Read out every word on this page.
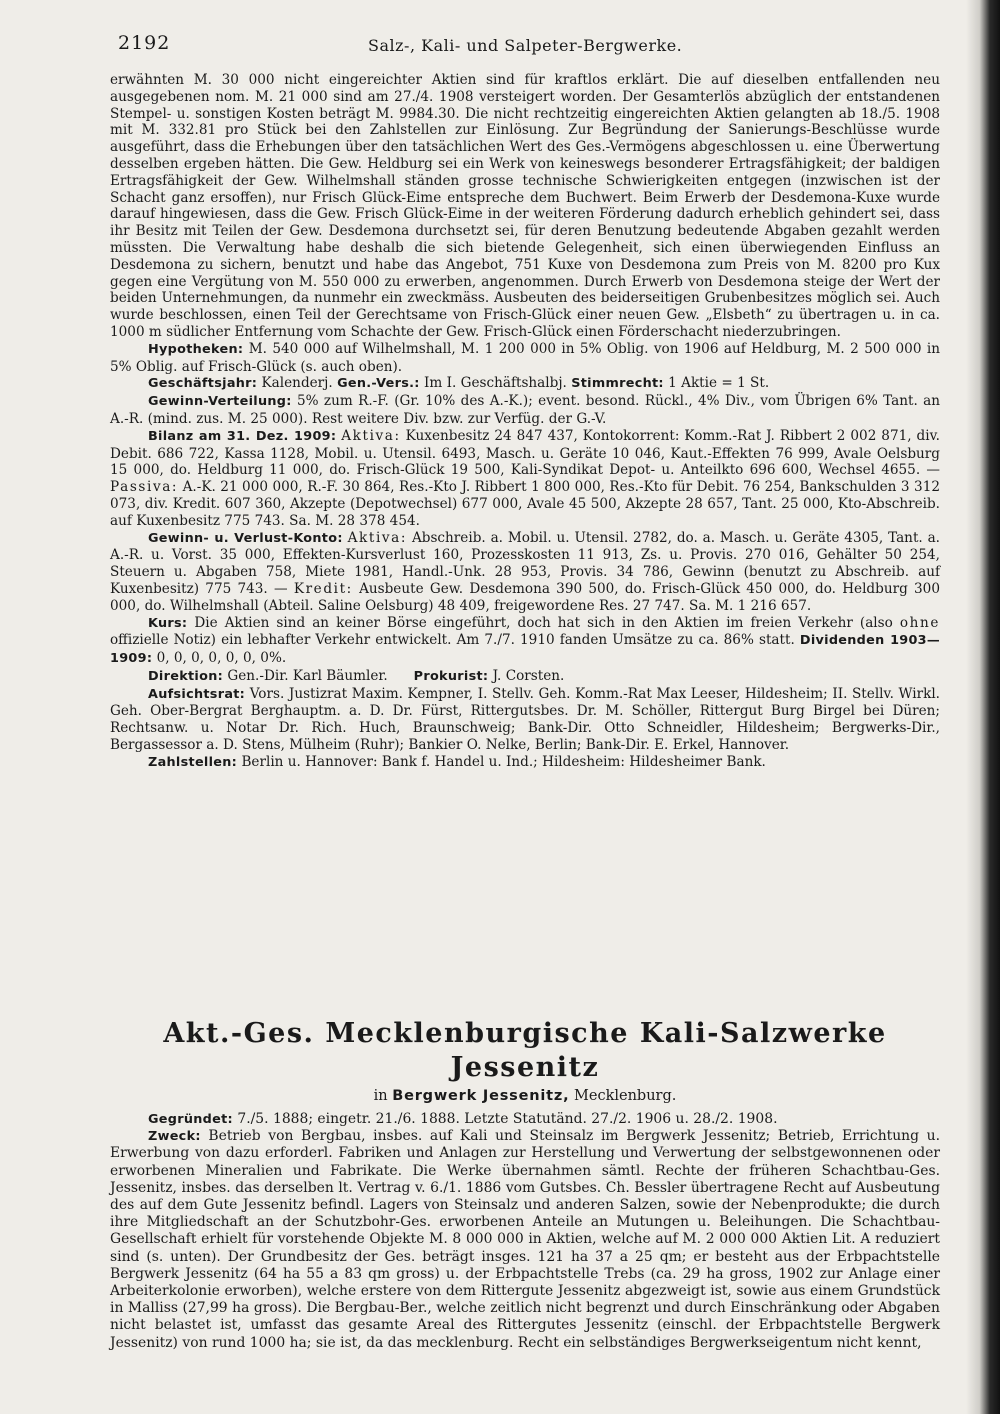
2192	Salz-, Kali- und Salpeter-Bergwerke.

erwähnten M. 30 000 nicht eingereichter Aktien sind für kraftlos erklärt. Die auf dieselben entfallenden neu ausgegebenen nom. M. 21 000 sind am 27./4. 1908 versteigert worden. Der Gesamterlös abzüglich der entstandenen Stempel- u. sonstigen Kosten beträgt M. 9984.30. Die nicht rechtzeitig eingereichten Aktien gelangten ab 18./5. 1908 mit M. 332.81 pro Stück bei den Zahlstellen zur Einlösung. Zur Begründung der Sanierungs-Beschlüsse wurde ausgeführt, dass die Erhebungen über den tatsächlichen Wert des Ges.-Vermögens abgeschlossen u. eine Überwertung desselben ergeben hätten. Die Gew. Heldburg sei ein Werk von keineswegs besonderer Ertragsfähigkeit; der baldigen Ertragsfähigkeit der Gew. Wilhelmshall ständen grosse technische Schwierigkeiten entgegen (inzwischen ist der Schacht ganz ersoffen), nur Frisch Glück-Eime entspreche dem Buchwert. Beim Erwerb der Desdemona-Kuxe wurde darauf hingewiesen, dass die Gew. Frisch Glück-Eime in der weiteren Förderung dadurch erheblich gehindert sei, dass ihr Besitz mit Teilen der Gew. Desdemona durchsetzt sei, für deren Benutzung bedeutende Abgaben gezahlt werden müssten. Die Verwaltung habe deshalb die sich bietende Gelegenheit, sich einen überwiegenden Einfluss an Desdemona zu sichern, benutzt und habe das Angebot, 751 Kuxe von Desdemona zum Preis von M. 8200 pro Kux gegen eine Vergütung von M. 550 000 zu erwerben, angenommen. Durch Erwerb von Desdemona steige der Wert der beiden Unternehmungen, da nunmehr ein zweckmäss. Ausbeuten des beiderseitigen Grubenbesitzes möglich sei. Auch wurde beschlossen, einen Teil der Gerechtsame von Frisch-Glück einer neuen Gew. „Elsbeth“ zu übertragen u. in ca. 1000 m südlicher Entfernung vom Schachte der Gew. Frisch-Glück einen Förderschacht niederzubringen.

Hypotheken: M. 540 000 auf Wilhelmshall, M. 1 200 000 in 5% Oblig. von 1906 auf Heldburg, M. 2 500 000 in 5% Oblig. auf Frisch-Glück (s. auch oben).

Geschäftsjahr: Kalenderj. Gen.-Vers.: Im I. Geschäftshalbj. Stimmrecht: 1 Aktie = 1 St.

Gewinn-Verteilung: 5% zum R.-F. (Gr. 10% des A.-K.); event. besond. Rückl., 4% Div., vom Übrigen 6% Tant. an A.-R. (mind. zus. M. 25 000). Rest weitere Div. bzw. zur Verfüg. der G.-V.

Bilanz am 31. Dez. 1909: Aktiva: Kuxenbesitz 24 847 437, Kontokorrent: Komm.-Rat J. Ribbert 2 002 871, div. Debit. 686 722, Kassa 1128, Mobil. u. Utensil. 6493, Masch. u. Geräte 10 046, Kaut.-Effekten 76 999, Avale Oelsburg 15 000, do. Heldburg 11 000, do. Frisch-Glück 19 500, Kali-Syndikat Depot- u. Anteilkto 696 600, Wechsel 4655. — Passiva: A.-K. 21 000 000, R.-F. 30 864, Res.-Kto J. Ribbert 1 800 000, Res.-Kto für Debit. 76 254, Bankschulden 3 312 073, div. Kredit. 607 360, Akzepte (Depotwechsel) 677 000, Avale 45 500, Akzepte 28 657, Tant. 25 000, Kto-Abschreib. auf Kuxenbesitz 775 743. Sa. M. 28 378 454.

Gewinn- u. Verlust-Konto: Aktiva: Abschreib. a. Mobil. u. Utensil. 2782, do. a. Masch. u. Geräte 4305, Tant. a. A.-R. u. Vorst. 35 000, Effekten-Kursverlust 160, Prozesskosten 11 913, Zs. u. Provis. 270 016, Gehälter 50 254, Steuern u. Abgaben 758, Miete 1981, Handl.-Unk. 28 953, Provis. 34 786, Gewinn (benutzt zu Abschreib. auf Kuxenbesitz) 775 743. — Kredit: Ausbeute Gew. Desdemona 390 500, do. Frisch-Glück 450 000, do. Heldburg 300 000, do. Wilhelmshall (Abteil. Saline Oelsburg) 48 409, freigewordene Res. 27 747. Sa. M. 1 216 657.

Kurs: Die Aktien sind an keiner Börse eingeführt, doch hat sich in den Aktien im freien Verkehr (also ohne offizielle Notiz) ein lebhafter Verkehr entwickelt. Am 7./7. 1910 fanden Umsätze zu ca. 86% statt. Dividenden 1903—1909: 0, 0, 0, 0, 0, 0, 0%.

Direktion: Gen.-Dir. Karl Bäumler. Prokurist: J. Corsten.

Aufsichtsrat: Vors. Justizrat Maxim. Kempner, I. Stellv. Geh. Komm.-Rat Max Leeser, Hildesheim; II. Stellv. Wirkl. Geh. Ober-Bergrat Berghauptm. a. D. Dr. Fürst, Rittergutsbes. Dr. M. Schöller, Rittergut Burg Birgel bei Düren; Rechtsanw. u. Notar Dr. Rich. Huch, Braunschweig; Bank-Dir. Otto Schneidler, Hildesheim; Bergwerks-Dir., Bergassessor a. D. Stens, Mülheim (Ruhr); Bankier O. Nelke, Berlin; Bank-Dir. E. Erkel, Hannover.

Zahlstellen: Berlin u. Hannover: Bank f. Handel u. Ind.; Hildesheim: Hildesheimer Bank.

Akt.-Ges. Mecklenburgische Kali-Salzwerke Jessenitz

in Bergwerk Jessenitz, Mecklenburg.

Gegründet: 7./5. 1888; eingetr. 21./6. 1888. Letzte Statutänd. 27./2. 1906 u. 28./2. 1908.

Zweck: Betrieb von Bergbau, insbes. auf Kali und Steinsalz im Bergwerk Jessenitz; Betrieb, Errichtung u. Erwerbung von dazu erforderl. Fabriken und Anlagen zur Herstellung und Verwertung der selbstgewonnenen oder erworbenen Mineralien und Fabrikate. Die Werke übernahmen sämtl. Rechte der früheren Schachtbau-Ges. Jessenitz, insbes. das derselben lt. Vertrag v. 6./1. 1886 vom Gutsbes. Ch. Bessler übertragene Recht auf Ausbeutung des auf dem Gute Jessenitz befindl. Lagers von Steinsalz und anderen Salzen, sowie der Nebenprodukte; die durch ihre Mitgliedschaft an der Schutzbohr-Ges. erworbenen Anteile an Mutungen u. Beleihungen. Die Schachtbau-Gesellschaft erhielt für vorstehende Objekte M. 8 000 000 in Aktien, welche auf M. 2 000 000 Aktien Lit. A reduziert sind (s. unten). Der Grundbesitz der Ges. beträgt insges. 121 ha 37 a 25 qm; er besteht aus der Erbpachtstelle Bergwerk Jessenitz (64 ha 55 a 83 qm gross) u. der Erbpachtstelle Trebs (ca. 29 ha gross, 1902 zur Anlage einer Arbeiterkolonie erworben), welche erstere von dem Rittergute Jessenitz abgezweigt ist, sowie aus einem Grundstück in Malliss (27,99 ha gross). Die Bergbau-Ber., welche zeitlich nicht begrenzt und durch Einschränkung oder Abgaben nicht belastet ist, umfasst das gesamte Areal des Rittergutes Jessenitz (einschl. der Erbpachtstelle Bergwerk Jessenitz) von rund 1000 ha; sie ist, da das mecklenburg. Recht ein selbständiges Bergwerkseigentum nicht kennt,
